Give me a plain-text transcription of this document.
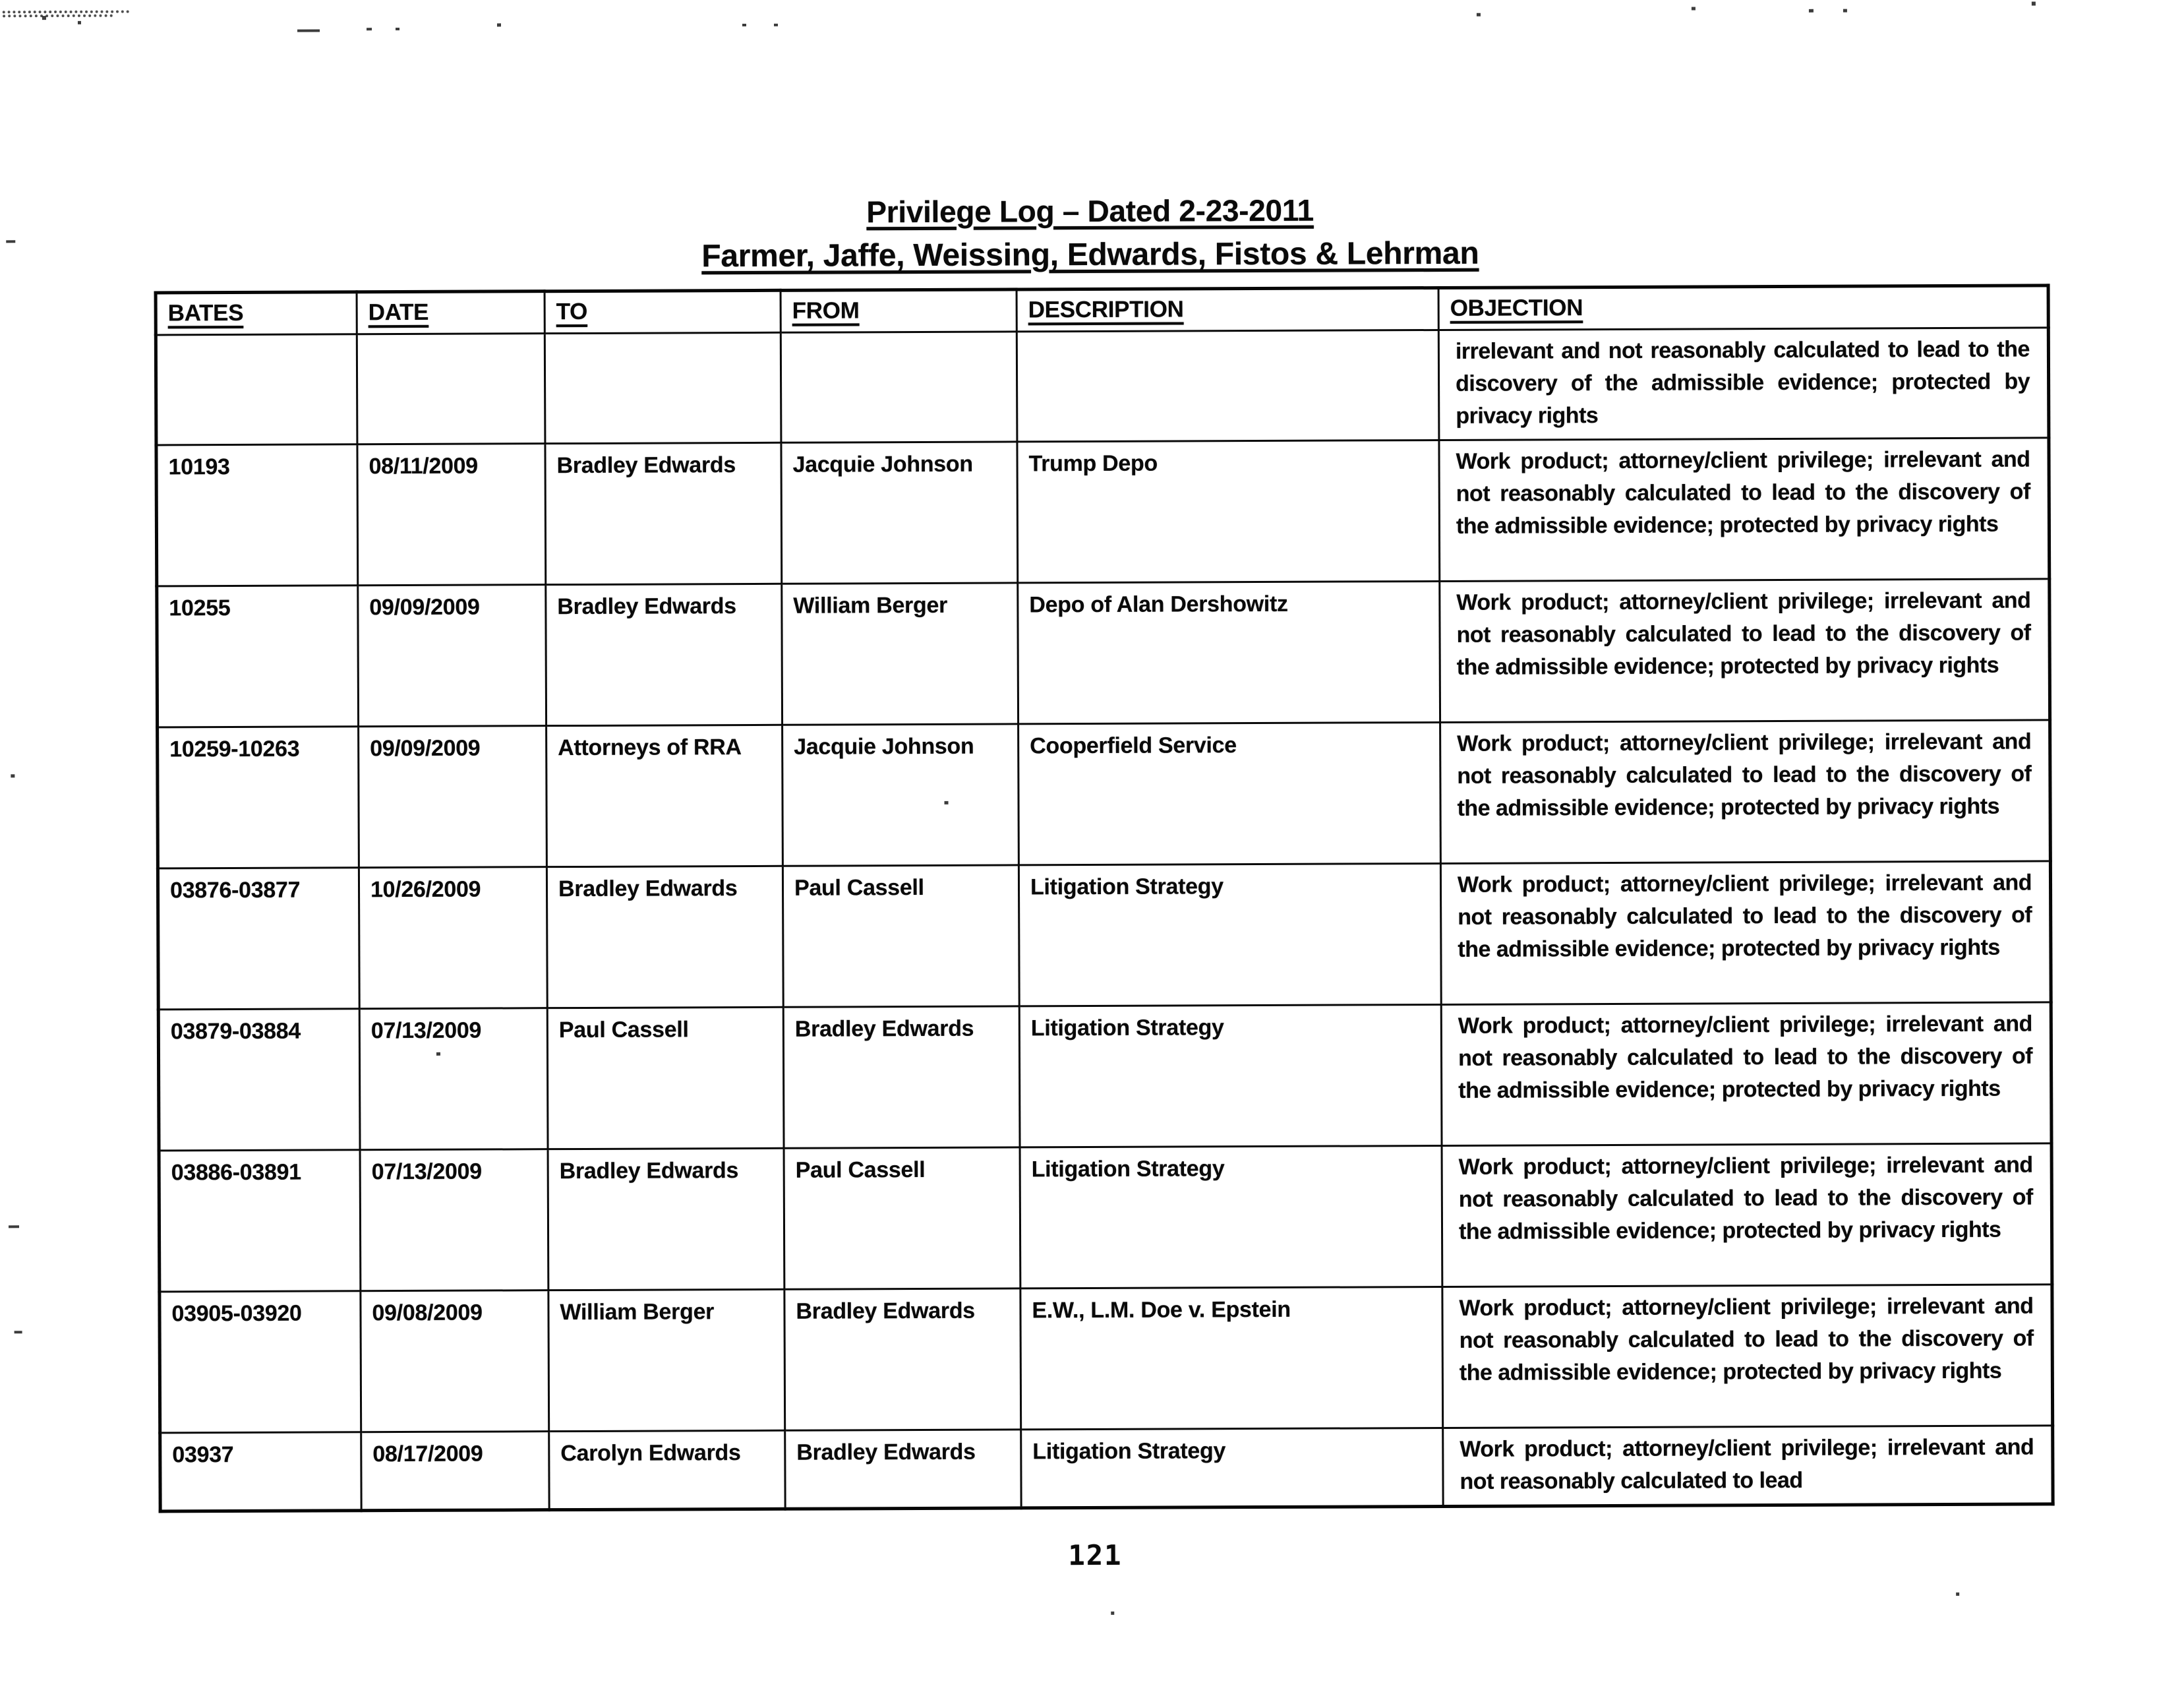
Privilege Log – Dated 2-23-2011
Farmer, Jaffe, Weissing, Edwards, Fistos & Lehrman
BATES	DATE	TO	FROM	DESCRIPTION	OBJECTION
					irrelevant and not reasonably calculated to lead to the discovery of the admissible evidence; protected by privacy rights
10193	08/11/2009	Bradley Edwards	Jacquie Johnson	Trump Depo	Work product; attorney/client privilege; irrelevant and not reasonably calculated to lead to the discovery of the admissible evidence; protected by privacy rights
10255	09/09/2009	Bradley Edwards	William Berger	Depo of Alan Dershowitz	Work product; attorney/client privilege; irrelevant and not reasonably calculated to lead to the discovery of the admissible evidence; protected by privacy rights
10259-10263	09/09/2009	Attorneys of RRA	Jacquie Johnson	Cooperfield Service	Work product; attorney/client privilege; irrelevant and not reasonably calculated to lead to the discovery of the admissible evidence; protected by privacy rights
03876-03877	10/26/2009	Bradley Edwards	Paul Cassell	Litigation Strategy	Work product; attorney/client privilege; irrelevant and not reasonably calculated to lead to the discovery of the admissible evidence; protected by privacy rights
03879-03884	07/13/2009	Paul Cassell	Bradley Edwards	Litigation Strategy	Work product; attorney/client privilege; irrelevant and not reasonably calculated to lead to the discovery of the admissible evidence; protected by privacy rights
03886-03891	07/13/2009	Bradley Edwards	Paul Cassell	Litigation Strategy	Work product; attorney/client privilege; irrelevant and not reasonably calculated to lead to the discovery of the admissible evidence; protected by privacy rights
03905-03920	09/08/2009	William Berger	Bradley Edwards	E.W., L.M. Doe v. Epstein	Work product; attorney/client privilege; irrelevant and not reasonably calculated to lead to the discovery of the admissible evidence; protected by privacy rights
03937	08/17/2009	Carolyn Edwards	Bradley Edwards	Litigation Strategy	Work product; attorney/client privilege; irrelevant and not reasonably calculated to lead
121
